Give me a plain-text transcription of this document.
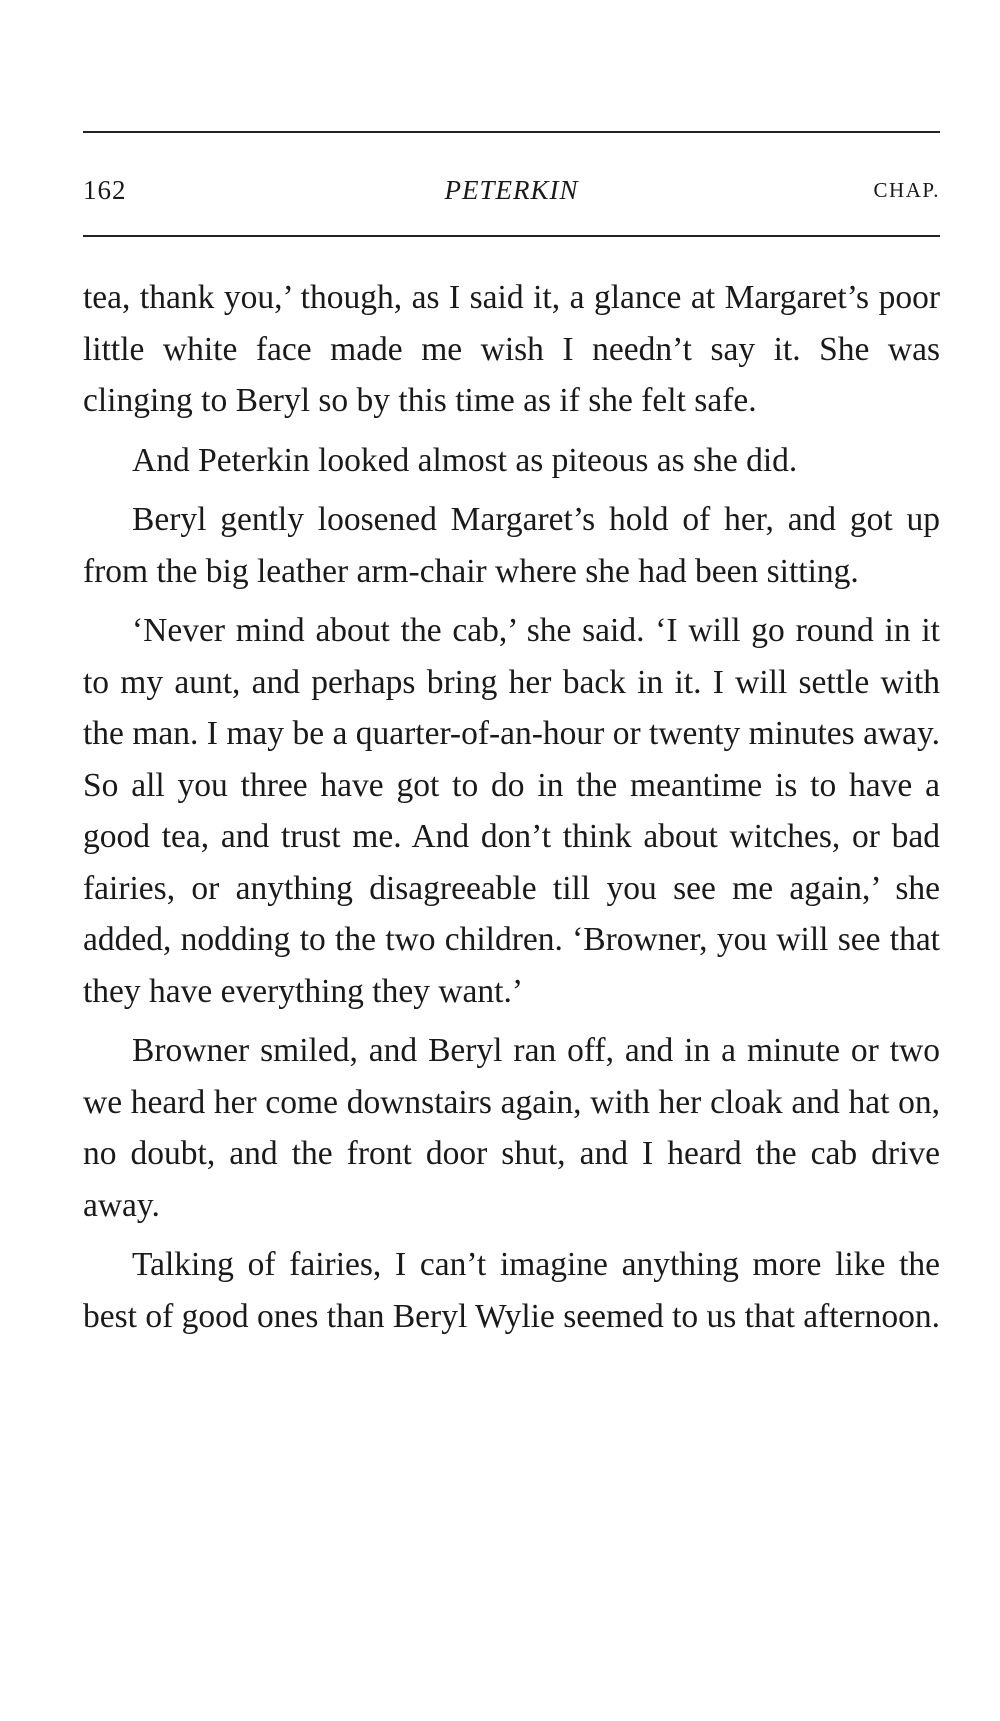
162	PETERKIN	CHAP.

tea, thank you,’ though, as I said it, a glance at Margaret’s poor little white face made me wish I needn’t say it. She was clinging to Beryl so by this time as if she felt safe.

And Peterkin looked almost as piteous as she did.

Beryl gently loosened Margaret’s hold of her, and got up from the big leather arm-chair where she had been sitting.

‘Never mind about the cab,’ she said. ‘I will go round in it to my aunt, and perhaps bring her back in it. I will settle with the man. I may be a quarter-of-an-hour or twenty minutes away. So all you three have got to do in the meantime is to have a good tea, and trust me. And don’t think about witches, or bad fairies, or anything disagreeable till you see me again,’ she added, nodding to the two children. ‘Browner, you will see that they have everything they want.’

Browner smiled, and Beryl ran off, and in a minute or two we heard her come downstairs again, with her cloak and hat on, no doubt, and the front door shut, and I heard the cab drive away.

Talking of fairies, I can’t imagine anything more like the best of good ones than Beryl Wylie seemed to us that afternoon.
